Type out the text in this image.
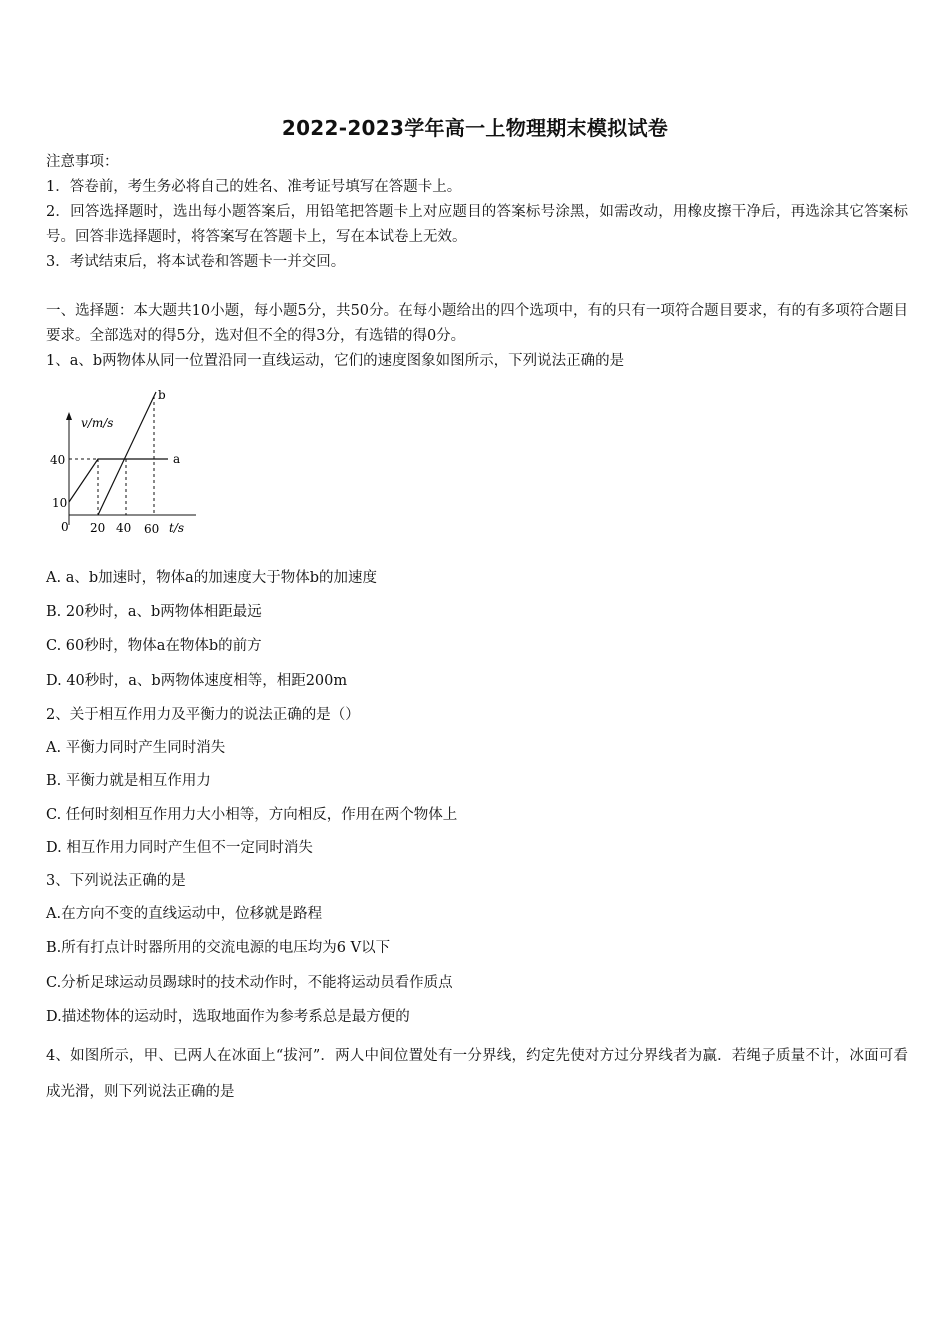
2022-2023学年高一上物理期末模拟试卷
注意事项：
1．答卷前，考生务必将自己的姓名、准考证号填写在答题卡上。
2．回答选择题时，选出每小题答案后，用铅笔把答题卡上对应题目的答案标号涂黑，如需改动，用橡皮擦干净后，再选涂其它答案标号。回答非选择题时，将答案写在答题卡上，写在本试卷上无效。
3．考试结束后，将本试卷和答题卡一并交回。
一、选择题：本大题共10小题，每小题5分，共50分。在每小题给出的四个选项中，有的只有一项符合题目要求，有的有多项符合题目要求。全部选对的得5分，选对但不全的得3分，有选错的得0分。
1、a、b两物体从同一位置沿同一直线运动，它们的速度图象如图所示，下列说法正确的是
v/m/s
40
10
0 20 40 60 t/s
a
b
A. a、b加速时，物体a的加速度大于物体b的加速度
B. 20秒时，a、b两物体相距最远
C. 60秒时，物体a在物体b的前方
D. 40秒时，a、b两物体速度相等，相距200m
2、关于相互作用力及平衡力的说法正确的是（）
A. 平衡力同时产生同时消失
B. 平衡力就是相互作用力
C. 任何时刻相互作用力大小相等，方向相反，作用在两个物体上
D. 相互作用力同时产生但不一定同时消失
3、下列说法正确的是
A.在方向不变的直线运动中，位移就是路程
B.所有打点计时器所用的交流电源的电压均为6 V以下
C.分析足球运动员踢球时的技术动作时，不能将运动员看作质点
D.描述物体的运动时，选取地面作为参考系总是最方便的
4、如图所示，甲、已两人在冰面上“拔河”．两人中间位置处有一分界线，约定先使对方过分界线者为赢．若绳子质量不计，冰面可看成光滑，则下列说法正确的是
